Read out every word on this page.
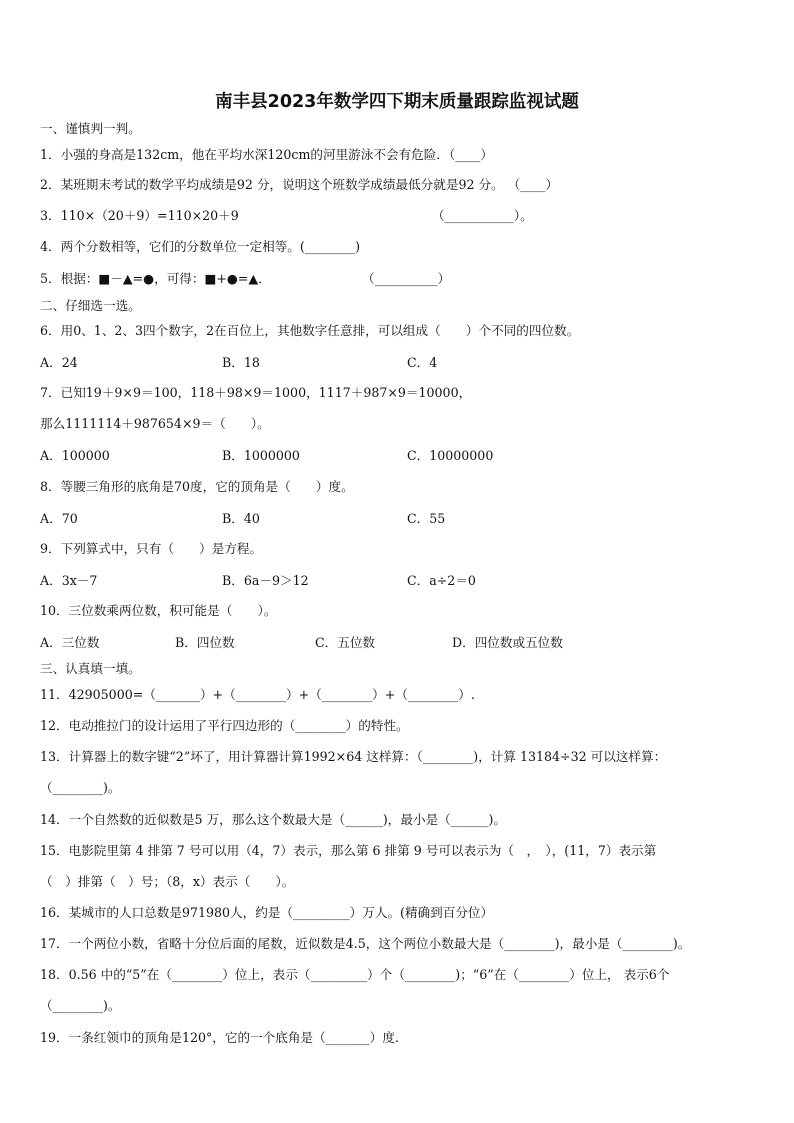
南丰县2023年数学四下期末质量跟踪监视试题
一、谨慎判一判。
1．小强的身高是132cm，他在平均水深120cm的河里游泳不会有危险．（____）
2．某班期末考试的数学平均成绩是92 分，说明这个班数学成绩最低分就是92 分。 （____）
3．110×（20＋9）=110×20＋9	（___________）。
4．两个分数相等，它们的分数单位一定相等。(________)
5．根据：■－▲=●，可得：■+●=▲．	（__________）
二、仔细选一选。
6．用0、1、2、3四个数字，2在百位上，其他数字任意排，可以组成（　　）个不同的四位数。
A．24	B．18	C．4
7．已知19＋9×9＝100，118＋98×9＝1000，1117＋987×9＝10000，
那么1111114＋987654×9＝（　　）。
A．100000	B．1000000	C．10000000
8．等腰三角形的底角是70度，它的顶角是（　　）度。
A．70	B．40	C．55
9．下列算式中，只有（　　）是方程。
A．3x－7	B．6a－9＞12	C．a÷2＝0
10．三位数乘两位数，积可能是（　　）。
A．三位数	B．四位数	C．五位数	D．四位数或五位数
三、认真填一填。
11．42905000=（_______）+（________）+（________）+（________）.
12．电动推拉门的设计运用了平行四边形的（________）的特性。
13．计算器上的数字键“2”坏了，用计算器计算1992×64 这样算：（________)，计算 13184÷32 可以这样算：
（________)。
14．一个自然数的近似数是5 万，那么这个数最大是（______)，最小是（______)。
15．电影院里第 4 排第 7 号可以用（4，7）表示，那么第 6 排第 9 号可以表示为（　，　），(11，7）表示第
（　）排第（　）号；（8，x）表示（　　）。
16．某城市的人口总数是971980人，约是（_________）万人。(精确到百分位）
17．一个两位小数，省略十分位后面的尾数，近似数是4.5，这个两位小数最大是（________)，最小是（________)。
18．0.56 中的“5”在（________）位上，表示（_________）个（________)；“6”在（________）位上， 表示6个
（________)。
19．一条红领巾的顶角是120°，它的一个底角是（_______）度.
